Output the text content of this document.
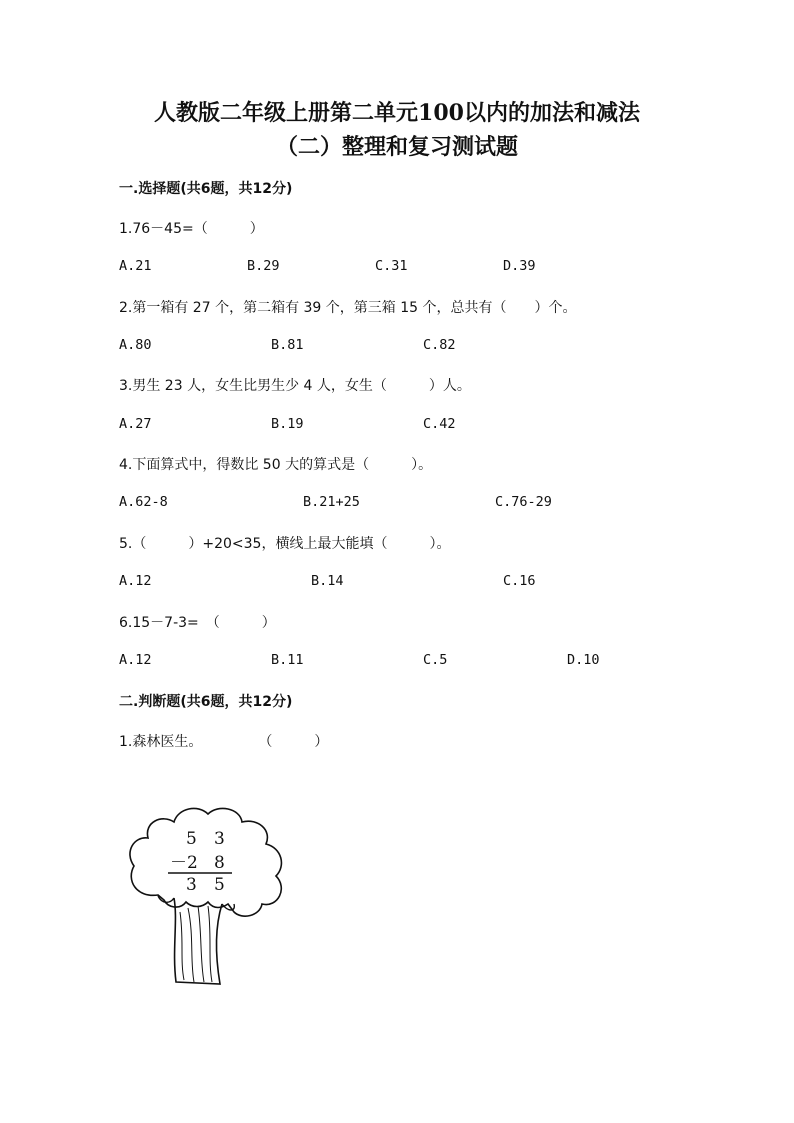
人教版二年级上册第二单元100以内的加法和减法
（二）整理和复习测试题
一.选择题(共6题，共12分)
1.76－45=（　　　）
A.21	B.29	C.31	D.39
2.第一箱有 27 个，第二箱有 39 个，第三箱 15 个，总共有（　　）个。
A.80	B.81	C.82
3.男生 23 人，女生比男生少 4 人，女生（　　　）人。
A.27	B.19	C.42
4.下面算式中，得数比 50 大的算式是（　　　）。
A.62-8	B.21+25	C.76-29
5.（　　　）+20<35，横线上最大能填（　　　）。
A.12	B.14	C.16
6.15－7-3=　（　　　）
A.12	B.11	C.5	D.10
二.判断题(共6题，共12分)
1.森林医生。　　　　　（　　　）
5 3
－2 8
3 5
